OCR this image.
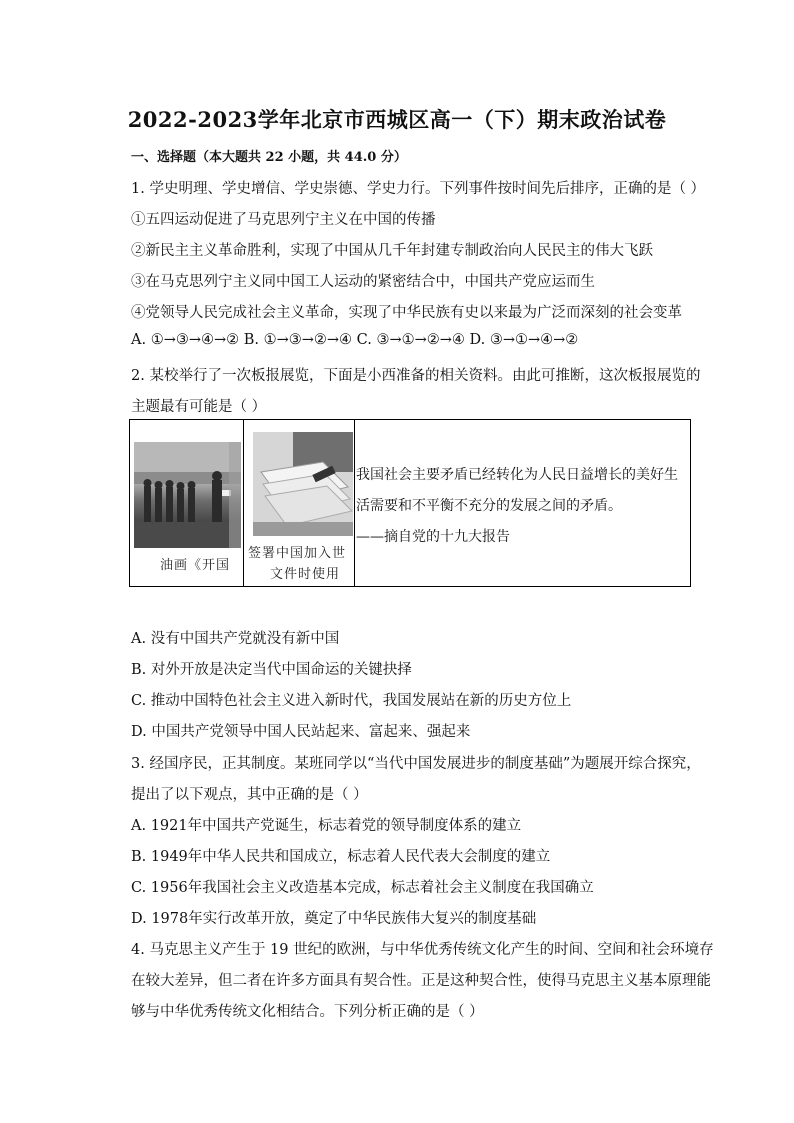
2022-2023学年北京市西城区高一（下）期末政治试卷
一、选择题（本大题共 22 小题，共 44.0 分）
1. 学史明理、学史增信、学史崇德、学史力行。下列事件按时间先后排序，正确的是（ ）
①五四运动促进了马克思列宁主义在中国的传播
②新民主主义革命胜利，实现了中国从几千年封建专制政治向人民民主的伟大飞跃
③在马克思列宁主义同中国工人运动的紧密结合中，中国共产党应运而生
④党领导人民完成社会主义革命，实现了中华民族有史以来最为广泛而深刻的社会变革
A. ①→③→④→② B. ①→③→②→④ C. ③→①→②→④ D. ③→①→④→②
2. 某校举行了一次板报展览，下面是小西准备的相关资料。由此可推断，这次板报展览的
主题最有可能是（ ）
油画《开国
签署中国加入世
文件时使用
我国社会主要矛盾已经转化为人民日益增长的美好生
活需要和不平衡不充分的发展之间的矛盾。
——摘自党的十九大报告
A. 没有中国共产党就没有新中国
B. 对外开放是决定当代中国命运的关键抉择
C. 推动中国特色社会主义进入新时代，我国发展站在新的历史方位上
D. 中国共产党领导中国人民站起来、富起来、强起来
3. 经国序民，正其制度。某班同学以“当代中国发展进步的制度基础”为题展开综合探究，
提出了以下观点，其中正确的是（ ）
A. 1921年中国共产党诞生，标志着党的领导制度体系的建立
B. 1949年中华人民共和国成立，标志着人民代表大会制度的建立
C. 1956年我国社会主义改造基本完成，标志着社会主义制度在我国确立
D. 1978年实行改革开放，奠定了中华民族伟大复兴的制度基础
4. 马克思主义产生于 19 世纪的欧洲，与中华优秀传统文化产生的时间、空间和社会环境存
在较大差异，但二者在许多方面具有契合性。正是这种契合性，使得马克思主义基本原理能
够与中华优秀传统文化相结合。下列分析正确的是（ ）
